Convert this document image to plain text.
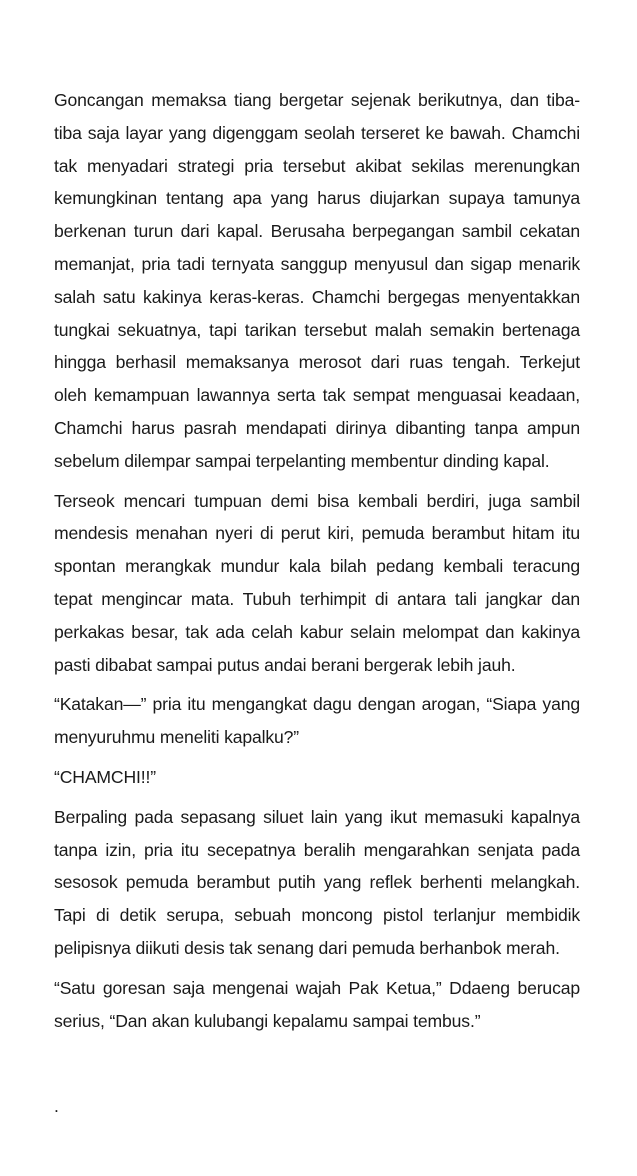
Goncangan memaksa tiang bergetar sejenak berikutnya, dan tiba-tiba saja layar yang digenggam seolah terseret ke bawah. Chamchi tak menyadari strategi pria tersebut akibat sekilas merenungkan kemungkinan tentang apa yang harus diujarkan supaya tamunya berkenan turun dari kapal. Berusaha berpegangan sambil cekatan memanjat, pria tadi ternyata sanggup menyusul dan sigap menarik salah satu kakinya keras-keras. Chamchi bergegas menyentakkan tungkai sekuatnya, tapi tarikan tersebut malah semakin bertenaga hingga berhasil memaksanya merosot dari ruas tengah. Terkejut oleh kemampuan lawannya serta tak sempat menguasai keadaan, Chamchi harus pasrah mendapati dirinya dibanting tanpa ampun sebelum dilempar sampai terpelanting membentur dinding kapal.

Terseok mencari tumpuan demi bisa kembali berdiri, juga sambil mendesis menahan nyeri di perut kiri, pemuda berambut hitam itu spontan merangkak mundur kala bilah pedang kembali teracung tepat mengincar mata. Tubuh terhimpit di antara tali jangkar dan perkakas besar, tak ada celah kabur selain melompat dan kakinya pasti dibabat sampai putus andai berani bergerak lebih jauh.

“Katakan—” pria itu mengangkat dagu dengan arogan, “Siapa yang menyuruhmu meneliti kapalku?”

“CHAMCHI!!”

Berpaling pada sepasang siluet lain yang ikut memasuki kapalnya tanpa izin, pria itu secepatnya beralih mengarahkan senjata pada sesosok pemuda berambut putih yang reflek berhenti melangkah. Tapi di detik serupa, sebuah moncong pistol terlanjur membidik pelipisnya diikuti desis tak senang dari pemuda berhanbok merah.

“Satu goresan saja mengenai wajah Pak Ketua,” Ddaeng berucap serius, “Dan akan kulubangi kepalamu sampai tembus.”

.
